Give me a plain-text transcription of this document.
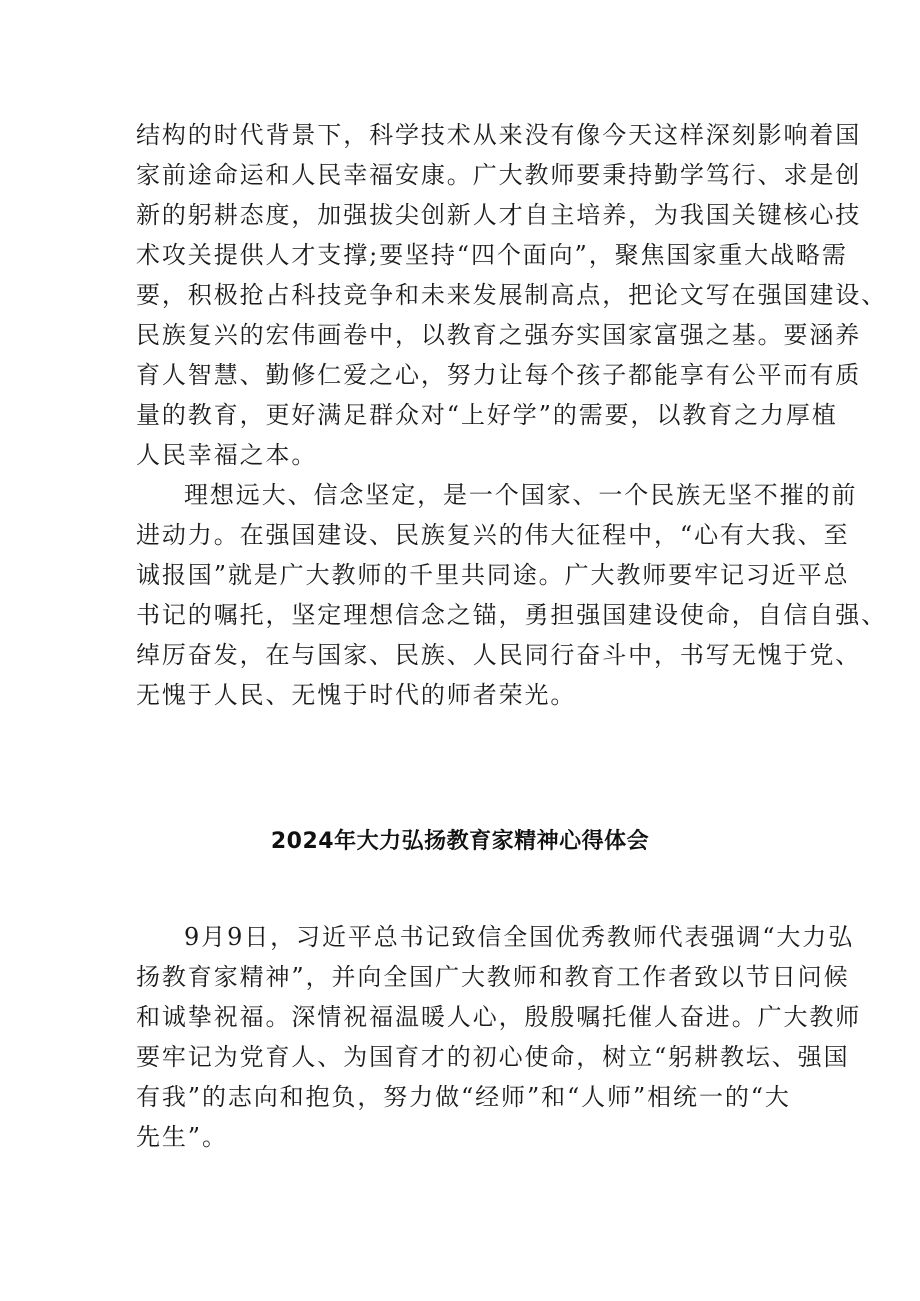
结构的时代背景下，科学技术从来没有像今天这样深刻影响着国
家前途命运和人民幸福安康。广大教师要秉持勤学笃行、求是创
新的躬耕态度，加强拔尖创新人才自主培养，为我国关键核心技
术攻关提供人才支撑;要坚持“四个面向”，聚焦国家重大战略需
要，积极抢占科技竞争和未来发展制高点，把论文写在强国建设、
民族复兴的宏伟画卷中，以教育之强夯实国家富强之基。要涵养
育人智慧、勤修仁爱之心，努力让每个孩子都能享有公平而有质
量的教育，更好满足群众对“上好学”的需要，以教育之力厚植
人民幸福之本。
理想远大、信念坚定，是一个国家、一个民族无坚不摧的前
进动力。在强国建设、民族复兴的伟大征程中，“心有大我、至
诚报国”就是广大教师的千里共同途。广大教师要牢记习近平总
书记的嘱托，坚定理想信念之锚，勇担强国建设使命，自信自强、
绰厉奋发，在与国家、民族、人民同行奋斗中，书写无愧于党、
无愧于人民、无愧于时代的师者荣光。
2024年大力弘扬教育家精神心得体会
9月9日，习近平总书记致信全国优秀教师代表强调“大力弘
扬教育家精神”，并向全国广大教师和教育工作者致以节日问候
和诚挚祝福。深情祝福温暖人心，殷殷嘱托催人奋进。广大教师
要牢记为党育人、为国育才的初心使命，树立“躬耕教坛、强国
有我”的志向和抱负，努力做“经师”和“人师”相统一的“大
先生”。
